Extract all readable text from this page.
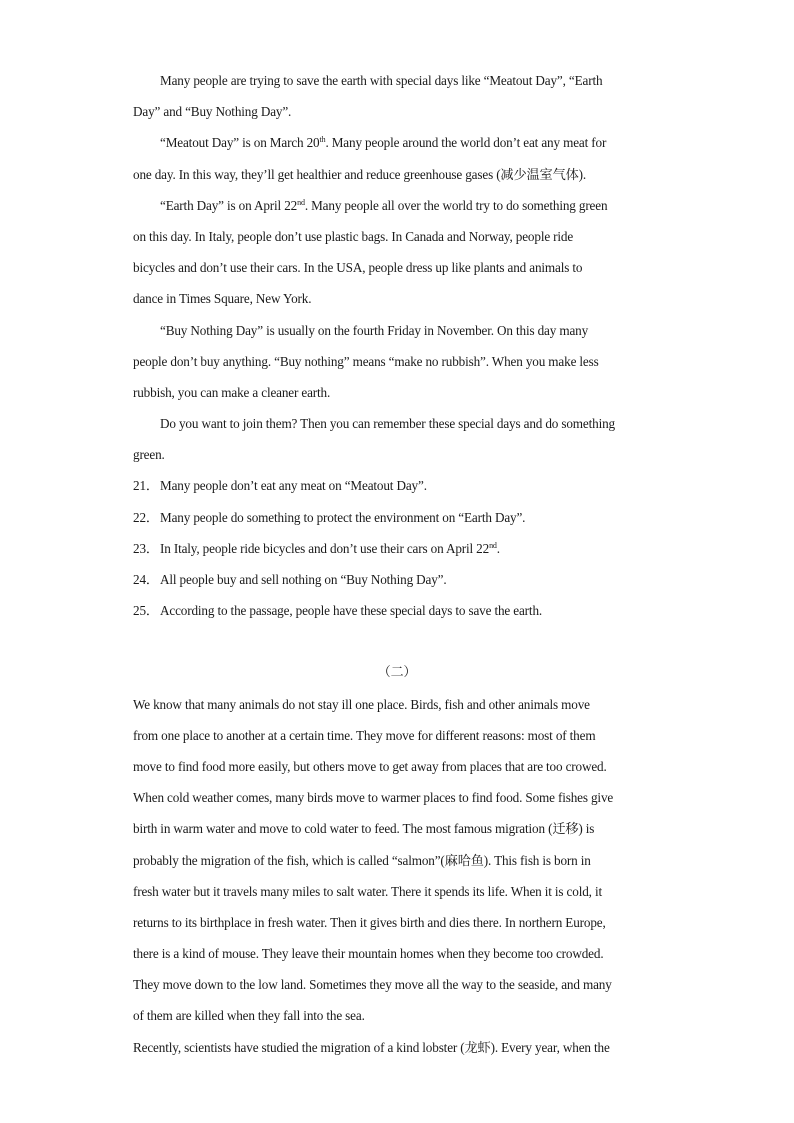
Many people are trying to save the earth with special days like “Meatout Day”, “Earth
Day” and “Buy Nothing Day”.
“Meatout Day” is on March 20th. Many people around the world don’t eat any meat for
one day. In this way, they’ll get healthier and reduce greenhouse gases (减少温室气体).
“Earth Day” is on April 22nd. Many people all over the world try to do something green
on this day. In Italy, people don’t use plastic bags. In Canada and Norway, people ride
bicycles and don’t use their cars. In the USA, people dress up like plants and animals to
dance in Times Square, New York.
“Buy Nothing Day” is usually on the fourth Friday in November. On this day many
people don’t buy anything. “Buy nothing” means “make no rubbish”. When you make less
rubbish, you can make a cleaner earth.
Do you want to join them? Then you can remember these special days and do something
green.
21．Many people don’t eat any meat on “Meatout Day”.
22．Many people do something to protect the environment on “Earth Day”.
23．In Italy, people ride bicycles and don’t use their cars on April 22nd.
24．All people buy and sell nothing on “Buy Nothing Day”.
25．According to the passage, people have these special days to save the earth.
（二）
We know that many animals do not stay ill one place. Birds, fish and other animals move
from one place to another at a certain time. They move for different reasons: most of them
move to find food more easily, but others move to get away from places that are too crowed.
When cold weather comes, many birds move to warmer places to find food. Some fishes give
birth in warm water and move to cold water to feed. The most famous migration (迁移) is
probably the migration of the fish, which is called “salmon”(麻哈鱼). This fish is born in
fresh water but it travels many miles to salt water. There it spends its life. When it is cold, it
returns to its birthplace in fresh water. Then it gives birth and dies there. In northern Europe,
there is a kind of mouse. They leave their mountain homes when they become too crowded.
They move down to the low land. Sometimes they move all the way to the seaside, and many
of them are killed when they fall into the sea.
Recently, scientists have studied the migration of a kind lobster (龙虾). Every year, when the
